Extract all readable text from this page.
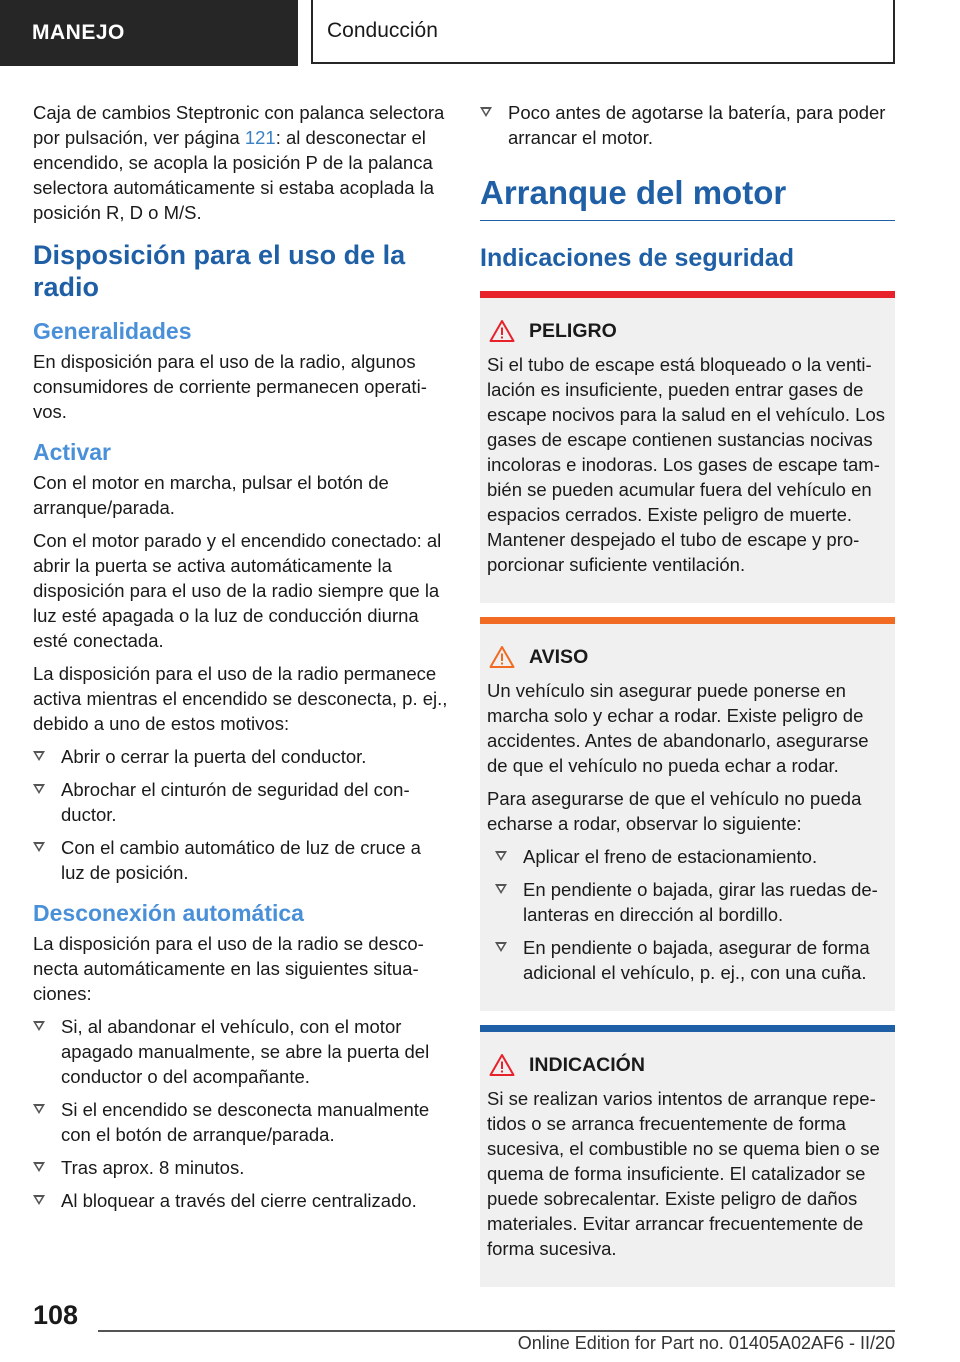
MANEJO	Conducción

Caja de cambios Steptronic con palanca selectora por pulsación, ver página 121: al desconectar el encendido, se acopla la posición P de la palanca selectora automáticamente si estaba acoplada la posición R, D o M/S.

Disposición para el uso de la radio
Generalidades

En disposición para el uso de la radio, algunos consumidores de corriente permanecen operativos.

Activar

Con el motor en marcha, pulsar el botón de arranque/parada.

Con el motor parado y el encendido conectado: al abrir la puerta se activa automáticamente la disposición para el uso de la radio siempre que la luz esté apagada o la luz de conducción diurna esté conectada.

La disposición para el uso de la radio permanece activa mientras el encendido se desconecta, p. ej., debido a uno de estos motivos:

Abrir o cerrar la puerta del conductor.
Abrochar el cinturón de seguridad del conductor.
Con el cambio automático de luz de cruce a luz de posición.
Desconexión automática

La disposición para el uso de la radio se desconecta automáticamente en las siguientes situaciones:

Si, al abandonar el vehículo, con el motor apagado manualmente, se abre la puerta del conductor o del acompañante.
Si el encendido se desconecta manualmente con el botón de arranque/parada.
Tras aprox. 8 minutos.
Al bloquear a través del cierre centralizado.
Poco antes de agotarse la batería, para poder arrancar el motor.
Arranque del motor
Indicaciones de seguridad
PELIGRO

Si el tubo de escape está bloqueado o la ventilación es insuficiente, pueden entrar gases de escape nocivos para la salud en el vehículo. Los gases de escape contienen sustancias nocivas incoloras e inodoras. Los gases de escape también se pueden acumular fuera del vehículo en espacios cerrados. Existe peligro de muerte. Mantener despejado el tubo de escape y proporcionar suficiente ventilación.

AVISO

Un vehículo sin asegurar puede ponerse en marcha solo y echar a rodar. Existe peligro de accidentes. Antes de abandonarlo, asegurarse de que el vehículo no pueda echar a rodar.

Para asegurarse de que el vehículo no pueda echarse a rodar, observar lo siguiente:

Aplicar el freno de estacionamiento.
En pendiente o bajada, girar las ruedas delanteras en dirección al bordillo.
En pendiente o bajada, asegurar de forma adicional el vehículo, p. ej., con una cuña.
INDICACIÓN

Si se realizan varios intentos de arranque repetidos o se arranca frecuentemente de forma sucesiva, el combustible no se quema bien o se quema de forma insuficiente. El catalizador se puede sobrecalentar. Existe peligro de daños materiales. Evitar arrancar frecuentemente de forma sucesiva.

108
Online Edition for Part no. 01405A02AF6 - II/20
